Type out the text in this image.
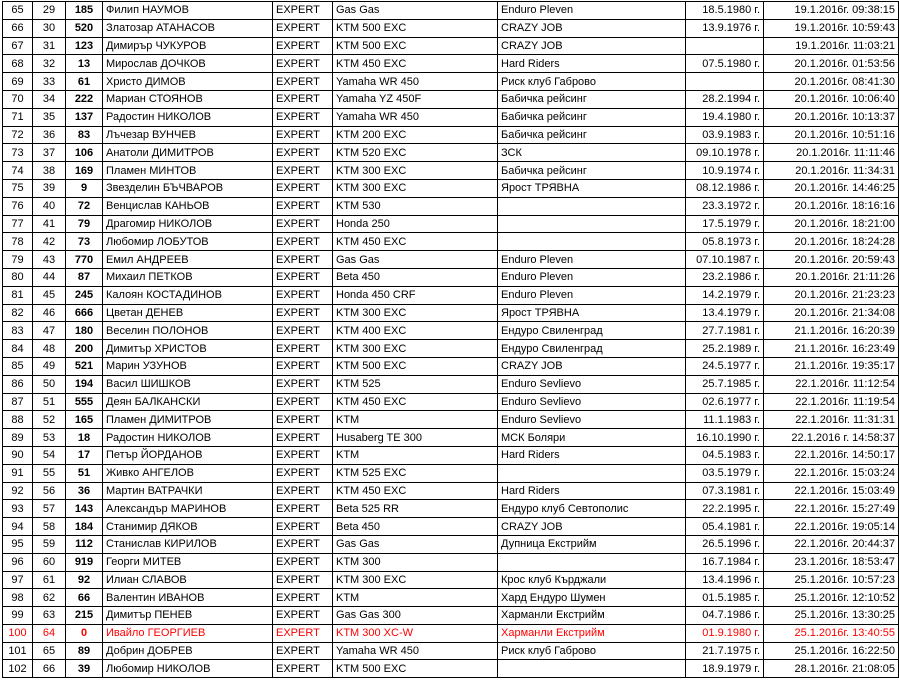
65	29	185	Филип НАУМОВ	EXPERT	Gas Gas	Enduro Pleven	18.5.1980 г.	19.1.2016г. 09:38:15
66	30	520	Златозар АТАНАСОВ	EXPERT	KTM 500 EXC	CRAZY JOB	13.9.1976 г.	19.1.2016г. 10:59:43
67	31	123	Димиръp ЧУКУРОВ	EXPERT	KTM 500 EXC	CRAZY JOB		19.1.2016г. 11:03:21
68	32	13	Мирослав ДОЧКОВ	EXPERT	KTM 450 EXC	Hard Riders	07.5.1980 г.	20.1.2016г. 01:53:56
69	33	61	Христо ДИМОВ	EXPERT	Yamaha WR 450	Риск клуб Габрово		20.1.2016г. 08:41:30
70	34	222	Мариан СТОЯНОВ	EXPERT	Yamaha YZ 450F	Бабичка рейсинг	28.2.1994 г.	20.1.2016г. 10:06:40
71	35	137	Радостин НИКОЛОВ	EXPERT	Yamaha WR 450	Бабичка рейсинг	19.4.1980 г.	20.1.2016г. 10:13:37
72	36	83	Лъчезар ВУНЧЕВ	EXPERT	KTM 200 EXC	Бабичка рейсинг	03.9.1983 г.	20.1.2016г. 10:51:16
73	37	106	Анатоли ДИМИТРОВ	EXPERT	KTM 520 EXC	ЗСК	09.10.1978 г.	20.1.2016г. 11:11:46
74	38	169	Пламен МИНТОВ	EXPERT	KTM 300 EXC	Бабичка рейсинг	10.9.1974 г.	20.1.2016г. 11:34:31
75	39	9	Звезделин БЪЧВАРОВ	EXPERT	KTM 300 EXC	Ярост ТРЯВНА	08.12.1986 г.	20.1.2016г. 14:46:25
76	40	72	Венцислав КАНЬОВ	EXPERT	KTM 530		23.3.1972 г.	20.1.2016г. 18:16:16
77	41	79	Драгомир НИКОЛОВ	EXPERT	Honda 250		17.5.1979 г.	20.1.2016г. 18:21:00
78	42	73	Любомир ЛОБУТОВ	EXPERT	KTM 450 EXC		05.8.1973 г.	20.1.2016г. 18:24:28
79	43	770	Емил АНДРЕЕВ	EXPERT	Gas Gas	Enduro Pleven	07.10.1987 г.	20.1.2016г. 20:59:43
80	44	87	Михаил ПЕТКОВ	EXPERT	Beta 450	Enduro Pleven	23.2.1986 г.	20.1.2016г. 21:11:26
81	45	245	Калоян КОСТАДИНОВ	EXPERT	Honda 450 CRF	Enduro Pleven	14.2.1979 г.	20.1.2016г. 21:23:23
82	46	666	Цветан ДЕНЕВ	EXPERT	KTM 300 EXC	Ярост ТРЯВНА	13.4.1979 г.	20.1.2016г. 21:34:08
83	47	180	Веселин ПОЛОНОВ	EXPERT	KTM 400 EXC	Ендуро Свиленград	27.7.1981 г.	21.1.2016г. 16:20:39
84	48	200	Димитър ХРИСТОВ	EXPERT	KTM 300 EXC	Ендуро Свиленград	25.2.1989 г.	21.1.2016г. 16:23:49
85	49	521	Марин УЗУНОВ	EXPERT	KTM 500 EXC	CRAZY JOB	24.5.1977 г.	21.1.2016г. 19:35:17
86	50	194	Васил ШИШКОВ	EXPERT	KTM 525	Enduro Sevlievo	25.7.1985 г.	22.1.2016г. 11:12:54
87	51	555	Деян БАЛКАНСКИ	EXPERT	KTM 450 EXC	Enduro Sevlievo	02.6.1977 г.	22.1.2016г. 11:19:54
88	52	165	Пламен ДИМИТРОВ	EXPERT	KTM	Enduro Sevlievo	11.1.1983 г.	22.1.2016г. 11:31:31
89	53	18	Радостин НИКОЛОВ	EXPERT	Husaberg TE 300	МСК Боляри	16.10.1990 г.	22.1.2016 г. 14:58:37
90	54	17	Петър ЙОРДАНОВ	EXPERT	KTM	Hard Riders	04.5.1983 г.	22.1.2016г. 14:50:17
91	55	51	Живко АНГЕЛОВ	EXPERT	KTM 525 EXC		03.5.1979 г.	22.1.2016г. 15:03:24
92	56	36	Мартин ВАТРАЧКИ	EXPERT	KTM 450 EXC	Hard Riders	07.3.1981 г.	22.1.2016г. 15:03:49
93	57	143	Александър МАРИНОВ	EXPERT	Beta 525 RR	Ендуро клуб Севтополис	22.2.1995 г.	22.1.2016г. 15:27:49
94	58	184	Станимир ДЯКОВ	EXPERT	Beta 450	CRAZY JOB	05.4.1981 г.	22.1.2016г. 19:05:14
95	59	112	Станислав КИРИЛОВ	EXPERT	Gas Gas	Дупница Екстрийм	26.5.1996 г.	22.1.2016г. 20:44:37
96	60	919	Георги МИТЕВ	EXPERT	KTM 300		16.7.1984 г.	23.1.2016г. 18:53:47
97	61	92	Илиан СЛАВОВ	EXPERT	KTM 300 EXC	Крос клуб Кърджали	13.4.1996 г.	25.1.2016г. 10:57:23
98	62	66	Валентин ИВАНОВ	EXPERT	KTM	Хард Ендуро Шумен	01.5.1985 г.	25.1.2016г. 12:10:52
99	63	215	Димитър ПЕНЕВ	EXPERT	Gas Gas 300	Харманли Екстрийм	04.7.1986 г.	25.1.2016г. 13:30:25
100	64	0	Ивайло ГЕОРГИЕВ	EXPERT	KTM 300 XC-W	Харманли Екстрийм	01.9.1980 г.	25.1.2016г. 13:40:55
101	65	89	Добрин ДОБРЕВ	EXPERT	Yamaha WR 450	Риск клуб Габрово	21.7.1975 г.	25.1.2016г. 16:22:50
102	66	39	Любомир НИКОЛОВ	EXPERT	KTM 500 EXC		18.9.1979 г.	28.1.2016г. 21:08:05
